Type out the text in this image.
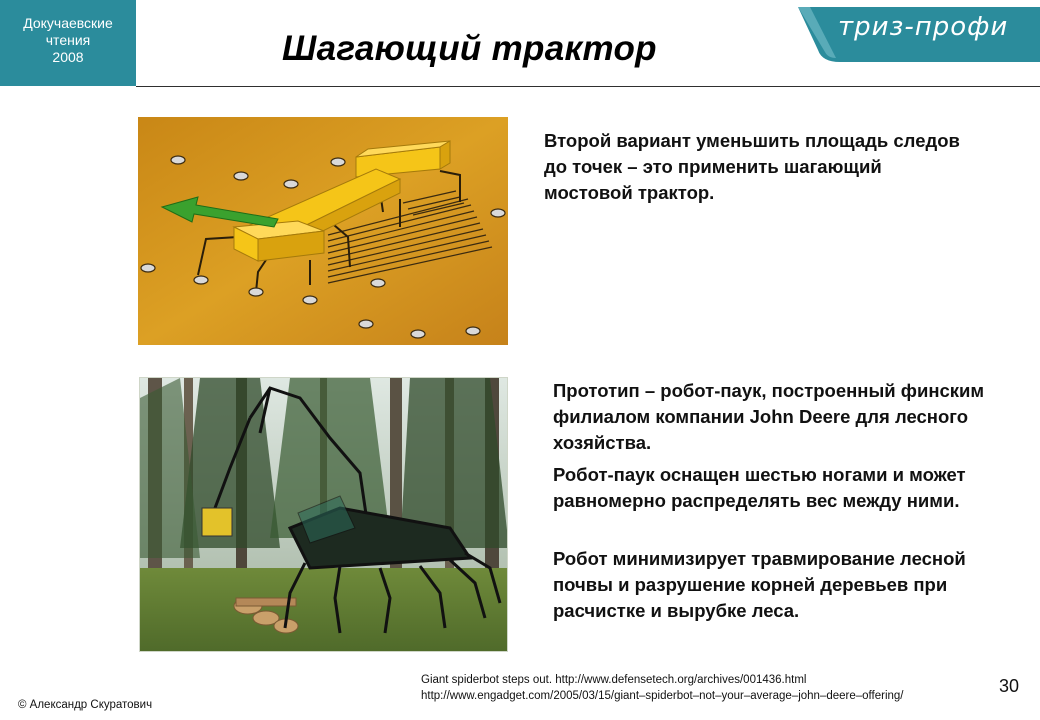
Докучаевские
чтения
2008
триз-профи
Шагающий трактор
Второй вариант уменьшить площадь следов до точек – это применить шагающий мостовой трактор.
Прототип – робот-паук, построенный финским филиалом компании John Deere для лесного хозяйства.
Робот-паук оснащен шестью ногами и может равномерно распределять вес между ними.
Робот минимизирует травмирование лесной почвы и разрушение корней деревьев при расчистке и вырубке леса.
Giant spiderbot steps out. http://www.defensetech.org/archives/001436.html
http://www.engadget.com/2005/03/15/giant–spiderbot–not–your–average–john–deere–offering/	30
© Александр Скуратович
